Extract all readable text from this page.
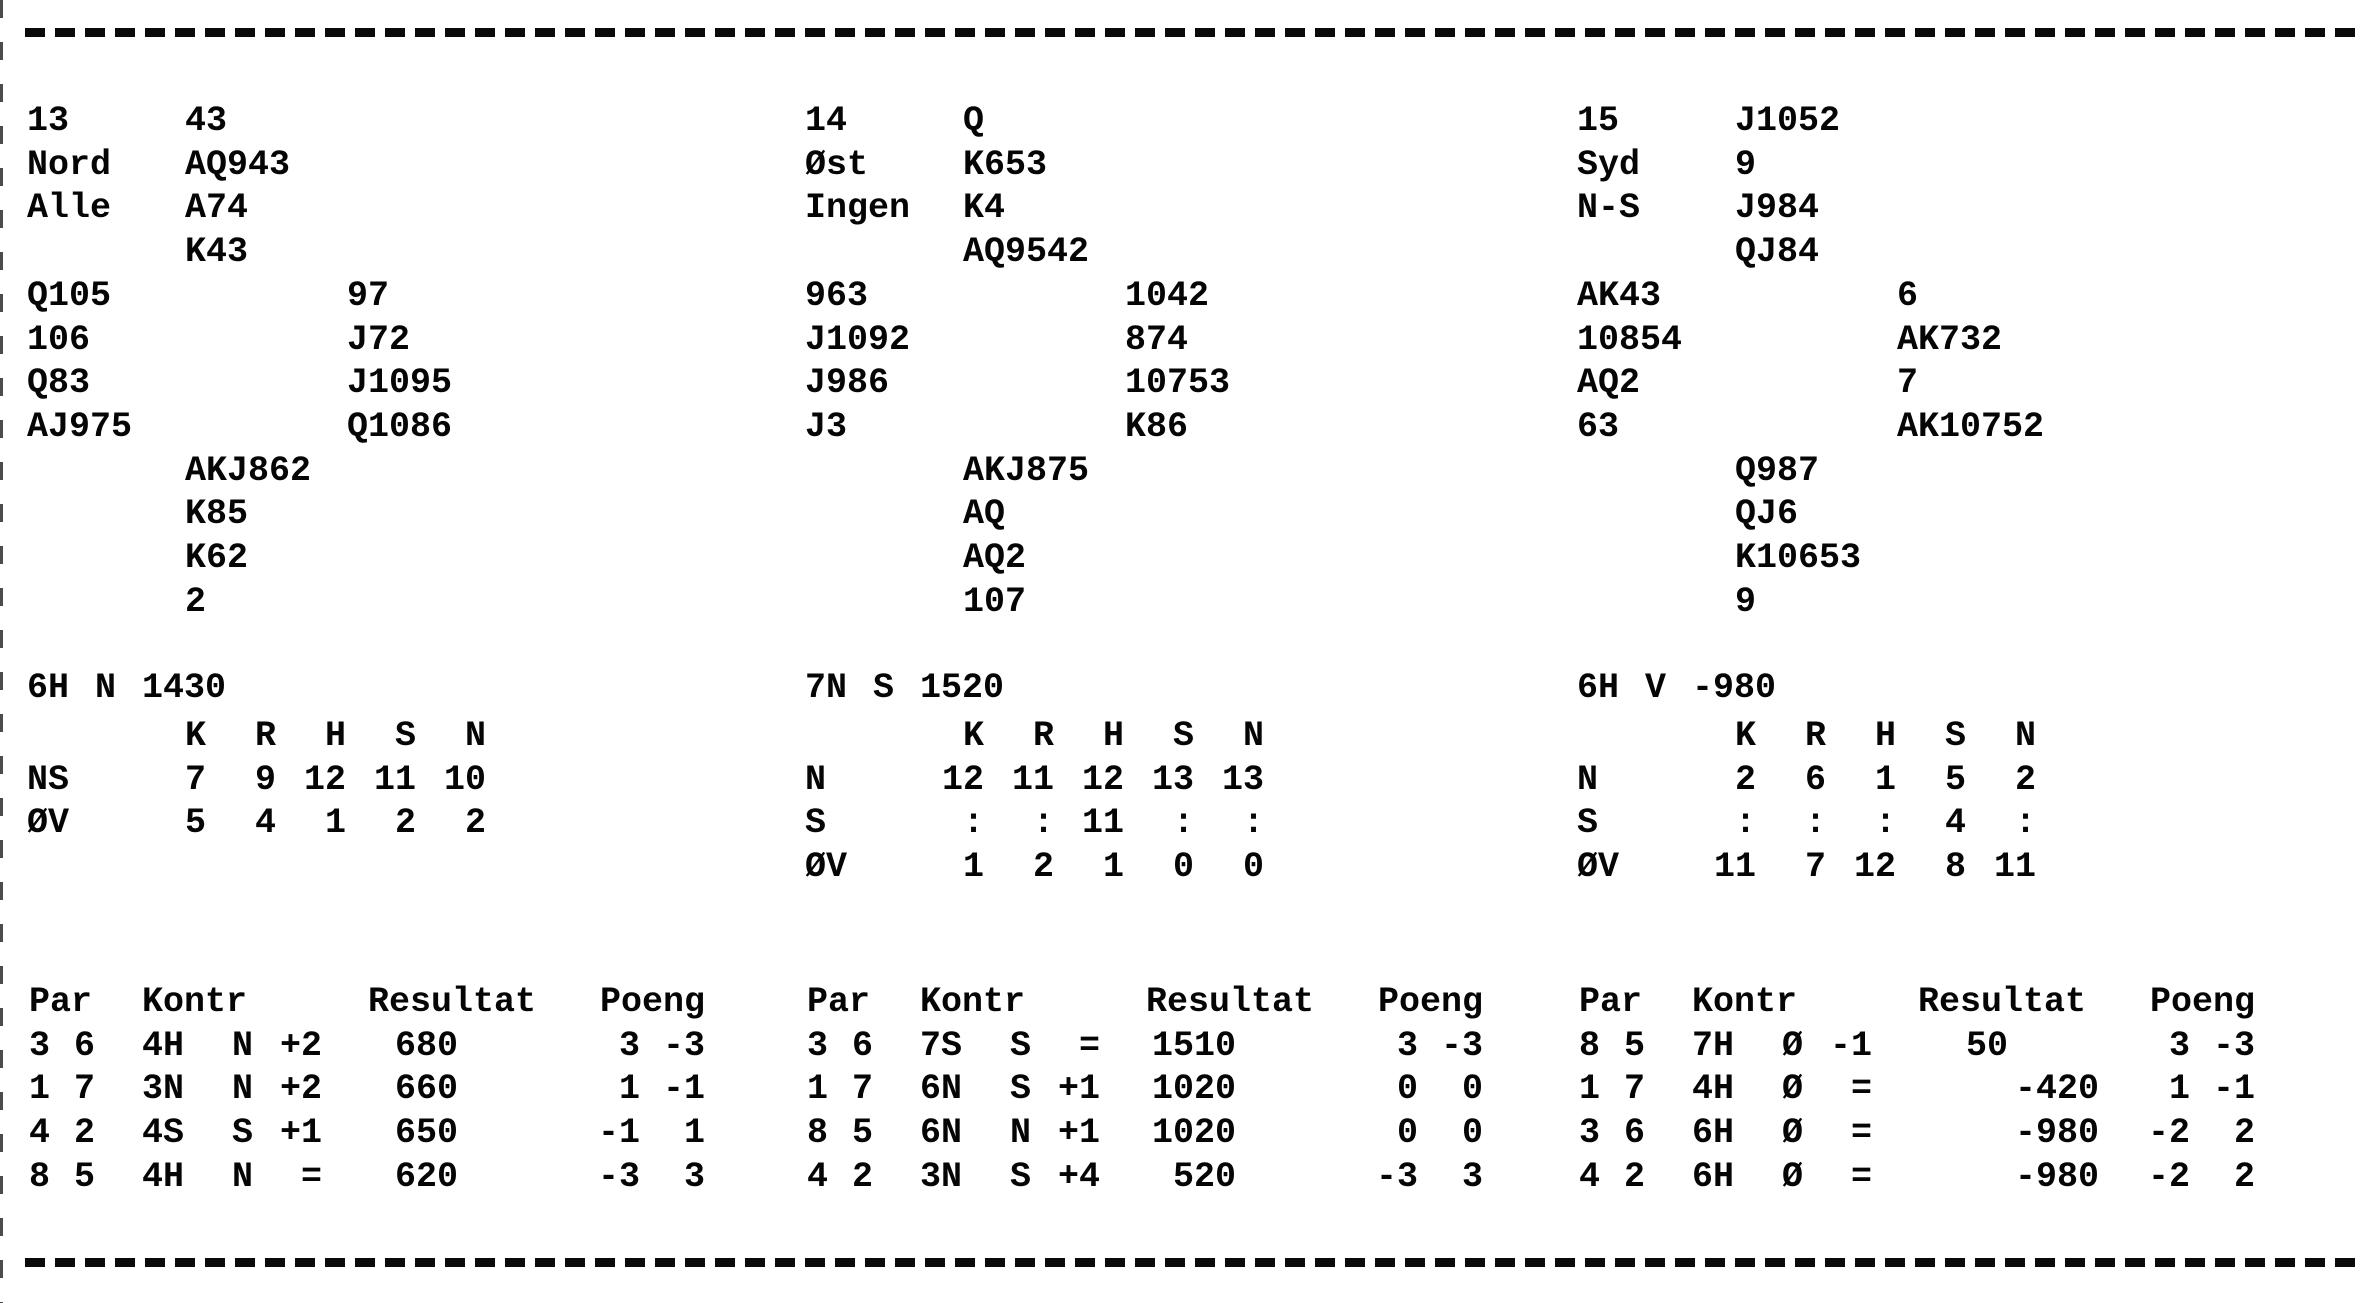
13
Nord
Alle
43
Q105	97
AKJ862
AQ943
106	J72
K85
A74
Q83	J1095
K62
K43
AJ975	Q1086
2
6H N 1430
K R H S N
NS	7	9 12 11 10
ØV	5	4	1	2	2
Par Kontr	Resultat Poeng
3 6 4H N +2	680	3 -3
1 7 3N N +2	660	1 -1
4 2 4S S +1	650	-1	1
8 5 4H N	=	620	-3	3
14
Øst
Ingen
Q
963	1042
AKJ875
K653
J1092	874
AQ
K4
J986	10753
AQ2
AQ9542
J3	K86
107
7N S 1520
K R H S N
N	12 11 12 13 13
S	:	: 11	:	:
ØV	1	2	1	0	0
Par Kontr	Resultat Poeng
3 6 7S S	=	1510	3 -3
1 7 6N S +1	1020	0	0
8 5 6N N +1	1020	0	0
4 2 3N S +4	520	-3	3
15
Syd
N-S
J1052
AK43	6
Q987
9
10854	AK732
QJ6
J984
AQ2	7
K10653
QJ84
63	AK10752
9
6H V -980
K R H S N
N	2	6	1	5	2
S	:	:	:	4	:
ØV	11	7 12	8 11
Par Kontr	Resultat Poeng
8 5 7H Ø -1	50	3 -3
1 7 4H Ø	=	-420	1 -1
3 6 6H Ø	=	-980	-2	2
4 2 6H Ø	=	-980	-2	2
